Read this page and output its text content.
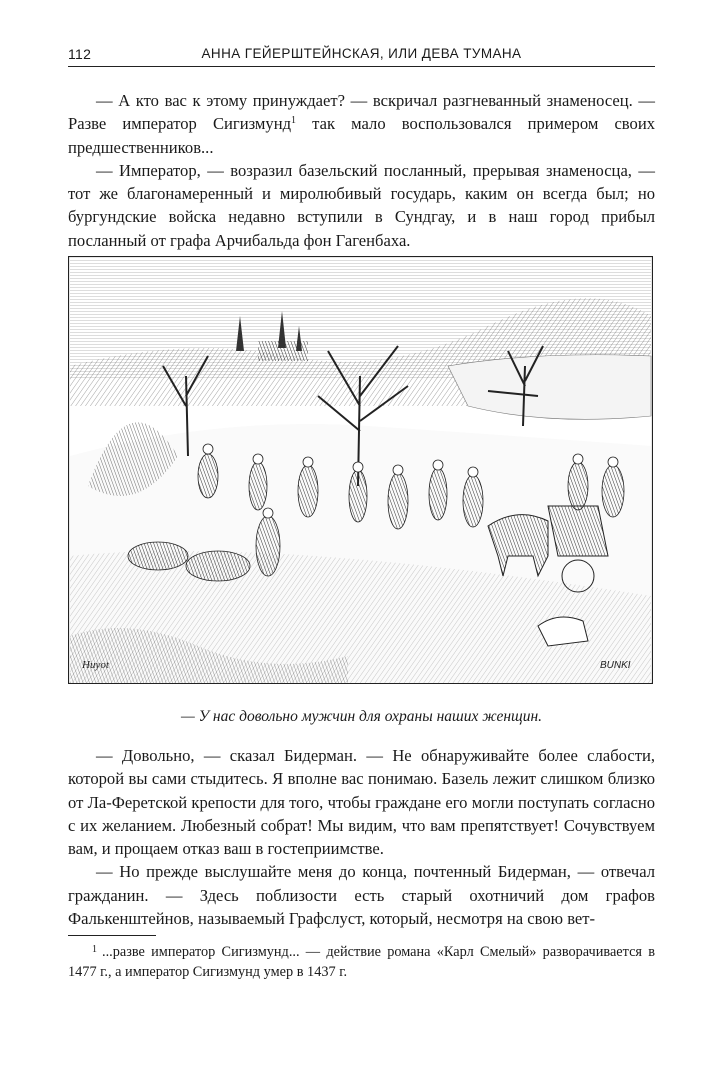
112	АННА ГЕЙЕРШТЕЙНСКАЯ, ИЛИ ДЕВА ТУМАНА

— А кто вас к этому принуждает? — вскричал разгневанный знаменосец. — Разве император Сигизмунд$^1$ так мало воспользовался примером своих предшественников...

— Император, — возразил базельский посланный, прерывая знаменосца, — тот же благонамеренный и миролюбивый государь, каким он всегда был; но бургундские войска недавно вступили в Сундгау, и в наш город прибыл посланный от графа Арчибальда фон Гагенбаха.

Huyot	BUNKI
— У нас довольно мужчин для охраны наших женщин.

— Довольно, — сказал Бидерман. — Не обнаруживайте более слабости, которой вы сами стыдитесь. Я вполне вас понимаю. Базель лежит слишком близко от Ла-Феретской крепости для того, чтобы граждане его могли поступать согласно с их желанием. Любезный собрат! Мы видим, что вам препятствует! Сочувствуем вам, и прощаем отказ ваш в гостеприимстве.

— Но прежде выслушайте меня до конца, почтенный Бидерман, — отвечал гражданин. — Здесь поблизости есть старый охотничий дом графов Фалькенштейнов, называемый Графслуст, который, несмотря на свою вет-

$^1$ ...разве император Сигизмунд... — действие романа «Карл Смелый» разворачивается в 1477 г., а император Сигизмунд умер в 1437 г.
